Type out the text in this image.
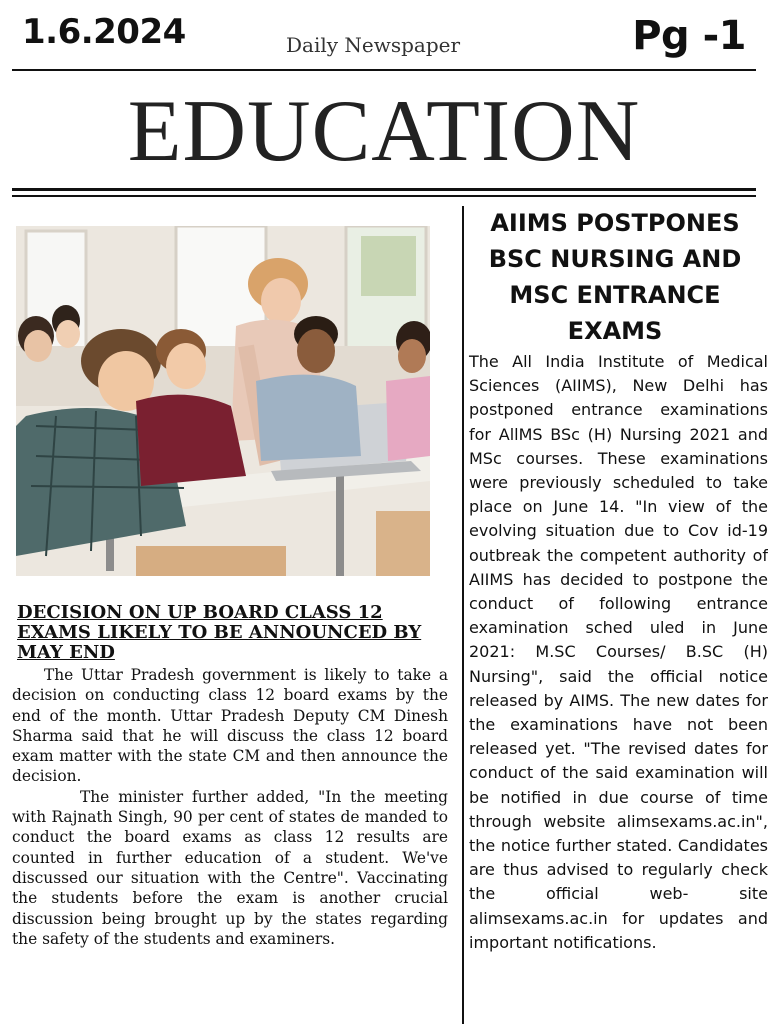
1.6.2024	Daily Newspaper	Pg -1
EDUCATION
DECISION ON UP BOARD CLASS 12 EXAMS LIKELY TO BE ANNOUNCED BY MAY END

The Uttar Pradesh government is likely to take a decision on conducting class 12 board exams by the end of the month. Uttar Pradesh Deputy CM Dinesh Sharma said that he will discuss the class 12 board exam matter with the state CM and then announce the decision.

The minister further added, "In the meeting with Rajnath Singh, 90 per cent of states de manded to conduct the board exams as class 12 results are counted in further education of a student. We've discussed our situation with the Centre". Vaccinating the students before the exam is another crucial discussion being brought up by the states regarding the safety of the students and examiners.

AIIMS POSTPONES BSC NURSING AND MSC ENTRANCE EXAMS

The All India Institute of Medical Sciences (AIIMS), New Delhi has postponed entrance examinations for AllMS BSc (H) Nursing 2021 and MSc courses. These examinations were previously scheduled to take place on June 14. "In view of the evolving situation due to Cov id-19 outbreak the competent authority of AIIMS has decided to postpone the conduct of following entrance examination sched uled in June 2021: M.SC Courses/ B.SC (H) Nursing", said the official notice released by AIMS. The new dates for the examinations have not been released yet. "The revised dates for conduct of the said examination will be notified in due course of time through website alimsexams.ac.in", the notice further stated. Candidates are thus advised to regularly check the official web- site alimsexams.ac.in for updates and important notifications.
